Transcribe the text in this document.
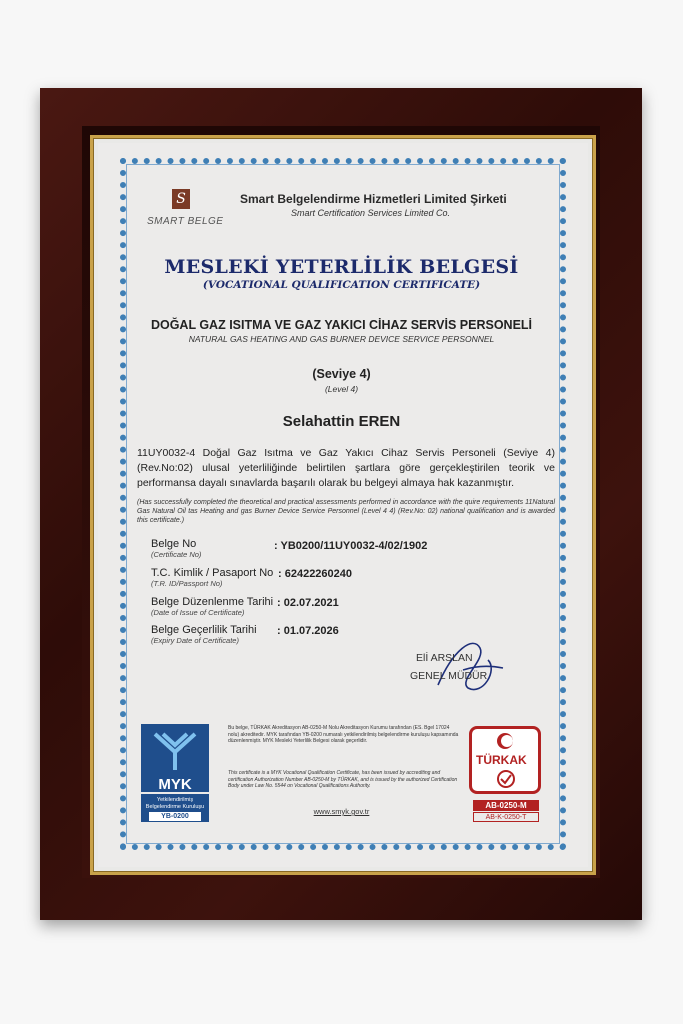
S
SMART BELGE
Smart Belgelendirme Hizmetleri Limited Şirketi
Smart Certification Services Limited Co.
MESLEKİ YETERLİLİK BELGESİ
(VOCATIONAL QUALIFICATION CERTIFICATE)
DOĞAL GAZ ISITMA VE GAZ YAKICI CİHAZ SERVİS PERSONELİ
NATURAL GAS HEATING AND GAS BURNER DEVICE SERVICE PERSONNEL
(Seviye 4)
(Level 4)
Selahattin EREN
11UY0032-4 Doğal Gaz Isıtma ve Gaz Yakıcı Cihaz Servis Personeli (Seviye 4) (Rev.No:02) ulusal yeterliliğinde belirtilen şartlara göre gerçekleştirilen teorik ve performansa dayalı sınavlarda başarılı olarak bu belgeyi almaya hak kazanmıştır.
(Has successfully completed the theoretical and practical assessments performed in accordance with the quire requirements 11Natural Gas Natural Oil tas Heating and gas Burner Device Service Personnel (Level 4 4) (Rev.No: 02) national qualification and is awarded this certificate.)
Belge No
(Certificate No)
: YB0200/11UY0032-4/02/1902
T.C. Kimlik / Pasaport No
(T.R. ID/Passport No)
: 62422260240
Belge Düzenlenme Tarihi
(Date of Issue of Certificate)
: 02.07.2021
Belge Geçerlilik Tarihi
(Expiry Date of Certificate)
: 01.07.2026
Elİ ARSLAN
GENEL MÜDÜR
MYK
Yetkilendirilmiş
Belgelendirme Kuruluşu
YB-0200
Bu belge, TÜRKAK Akreditasyon AB-0250-M Nolu Akreditasyon Kurumu tarafından (ES. Bgel 17024 nolu) akreditedir. MYK tarafından YB-0200 numaralı yetkilendirilmiş belgelendirme kuruluşu kapsamında düzenlenmiştir. MYK Mesleki Yeterlilik Belgesi olarak geçerlidir.
This certificate is a MYK Vocational Qualification Certificate, has been issued by accrediting and certification Authorization Number AB-0250-M by TÜRKAK, and is issued by the authorized Certification Body under Law No. 5544 on Vocational Qualifications Authority.
www.smyk.gov.tr
TÜRKAK
AB-0250-M
AB-K-0250-T
